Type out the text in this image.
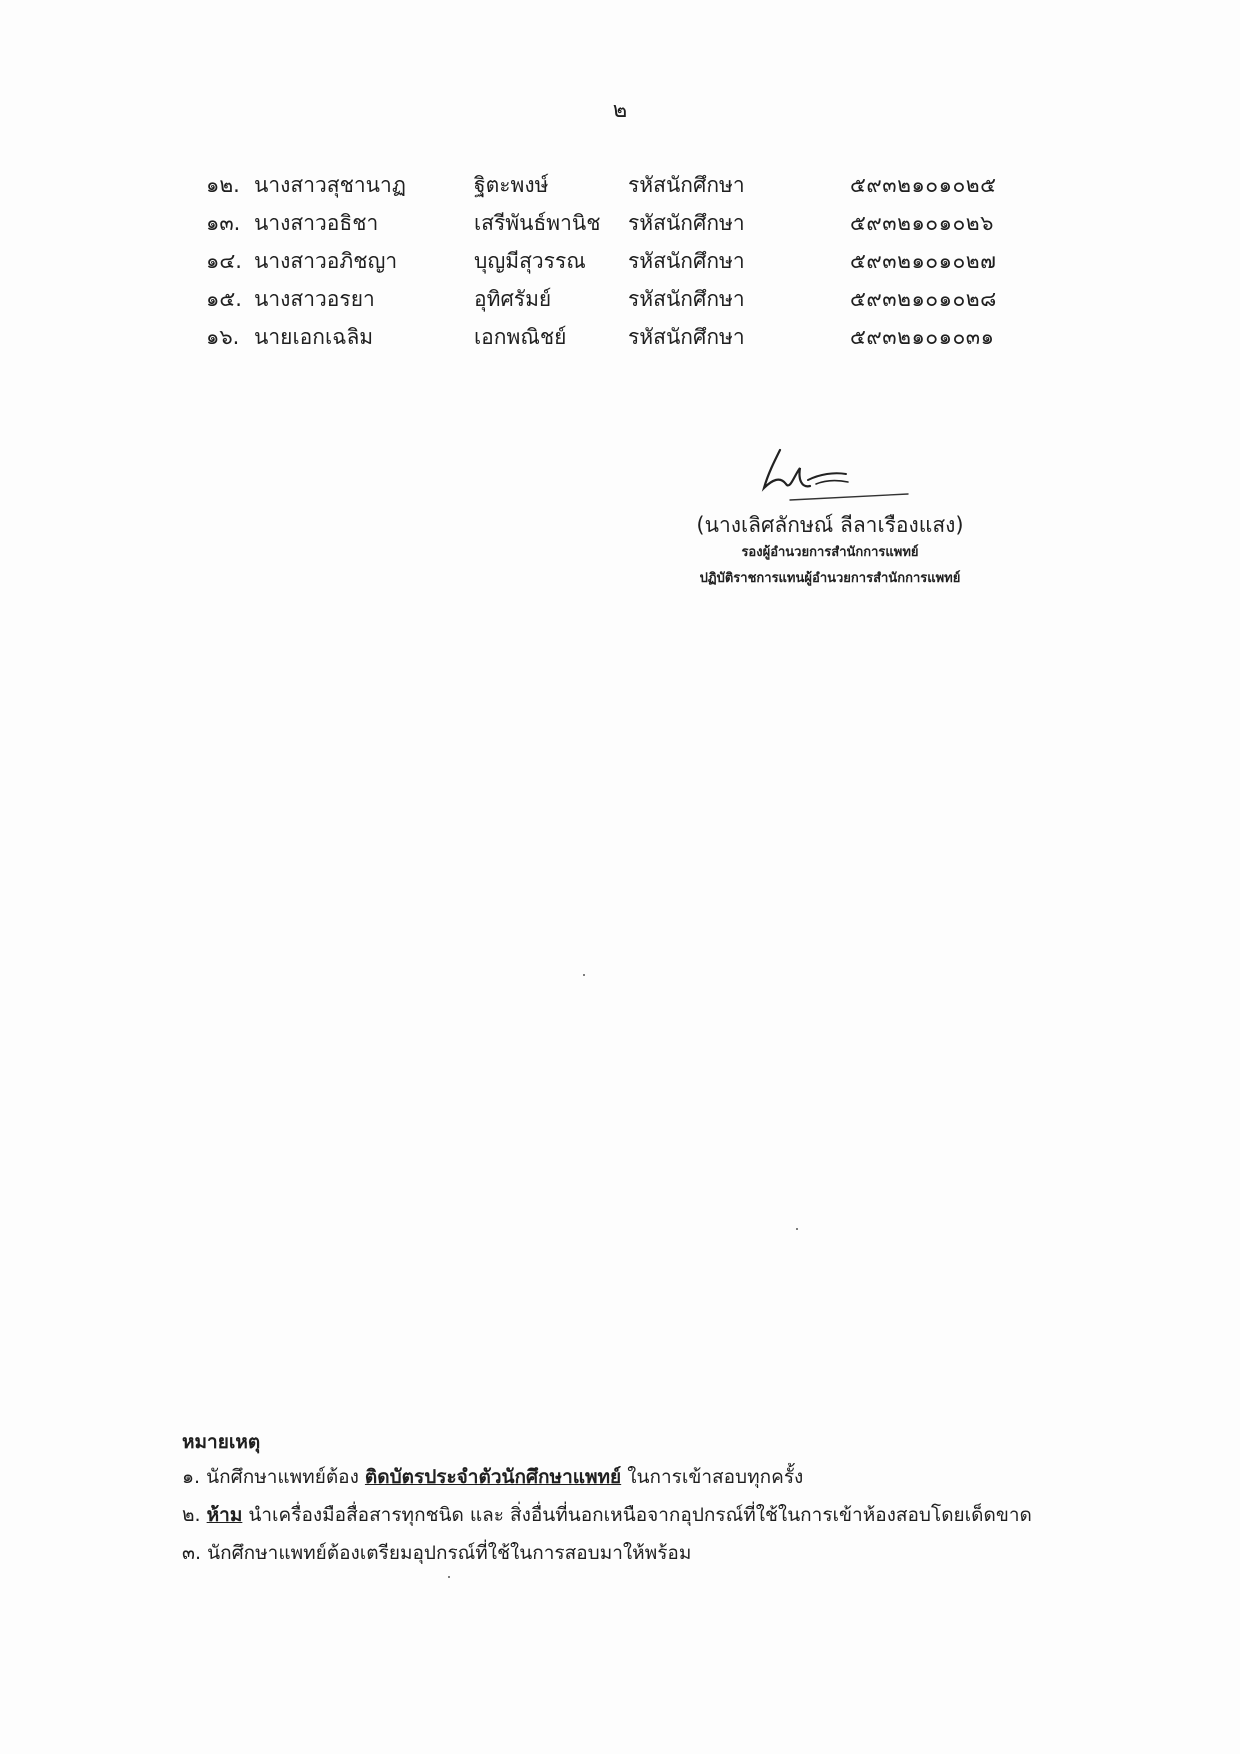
๒
๑๒. นางสาวสุชานาฏ	ฐิตะพงษ์	รหัสนักศึกษา	๕๙๓๒๑๐๑๐๒๕
๑๓. นางสาวอธิชา	เสรีพันธ์พานิช รหัสนักศึกษา	๕๙๓๒๑๐๑๐๒๖
๑๔. นางสาวอภิชญา	บุญมีสุวรรณ รหัสนักศึกษา	๕๙๓๒๑๐๑๐๒๗
๑๕. นางสาวอรยา	อุทิศรัมย์	รหัสนักศึกษา	๕๙๓๒๑๐๑๐๒๘
๑๖. นายเอกเฉลิม	เอกพณิชย์	รหัสนักศึกษา	๕๙๓๒๑๐๑๐๓๑
(นางเลิศลักษณ์ ลีลาเรืองแสง)
รองผู้อำนวยการสำนักการแพทย์
ปฏิบัติราชการแทนผู้อำนวยการสำนักการแพทย์
หมายเหตุ
๑. นักศึกษาแพทย์ต้อง ติดบัตรประจำตัวนักศึกษาแพทย์ ในการเข้าสอบทุกครั้ง
๒. ห้าม นำเครื่องมือสื่อสารทุกชนิด และ สิ่งอื่นที่นอกเหนือจากอุปกรณ์ที่ใช้ในการเข้าห้องสอบโดยเด็ดขาด
๓. นักศึกษาแพทย์ต้องเตรียมอุปกรณ์ที่ใช้ในการสอบมาให้พร้อม
